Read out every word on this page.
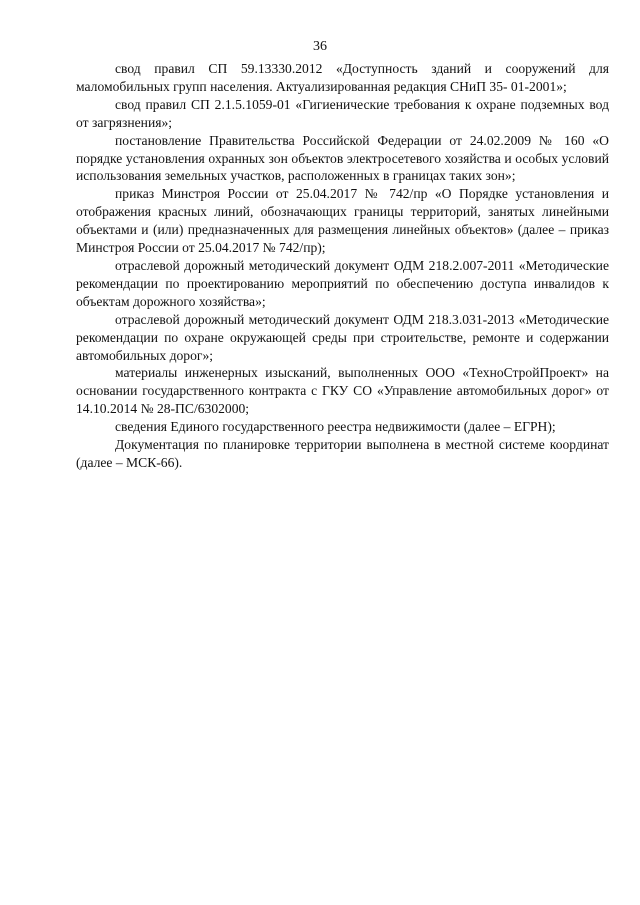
36

свод правил СП 59.13330.2012 «Доступность зданий и сооружений для маломобильных групп населения. Актуализированная редакция СНиП 35- 01-2001»;

свод правил СП 2.1.5.1059-01 «Гигиенические требования к охране подземных вод от загрязнения»;

постановление Правительства Российской Федерации от 24.02.2009 № 160 «О порядке установления охранных зон объектов электросетевого хозяйства и особых условий использования земельных участков, расположенных в границах таких зон»;

приказ Минстроя России от 25.04.2017 № 742/пр «О Порядке установления и отображения красных линий, обозначающих границы территорий, занятых линейными объектами и (или) предназначенных для размещения линейных объектов» (далее – приказ Минстроя России от 25.04.2017 № 742/пр);

отраслевой дорожный методический документ ОДМ 218.2.007-2011 «Методические рекомендации по проектированию мероприятий по обеспечению доступа инвалидов к объектам дорожного хозяйства»;

отраслевой дорожный методический документ ОДМ 218.3.031-2013 «Методические рекомендации по охране окружающей среды при строительстве, ремонте и содержании автомобильных дорог»;

материалы инженерных изысканий, выполненных ООО «ТехноСтройПроект» на основании государственного контракта с ГКУ СО «Управление автомобильных дорог» от 14.10.2014 № 28-ПС/6302000;

сведения Единого государственного реестра недвижимости (далее – ЕГРН);

Документация по планировке территории выполнена в местной системе координат (далее – МСК-66).
